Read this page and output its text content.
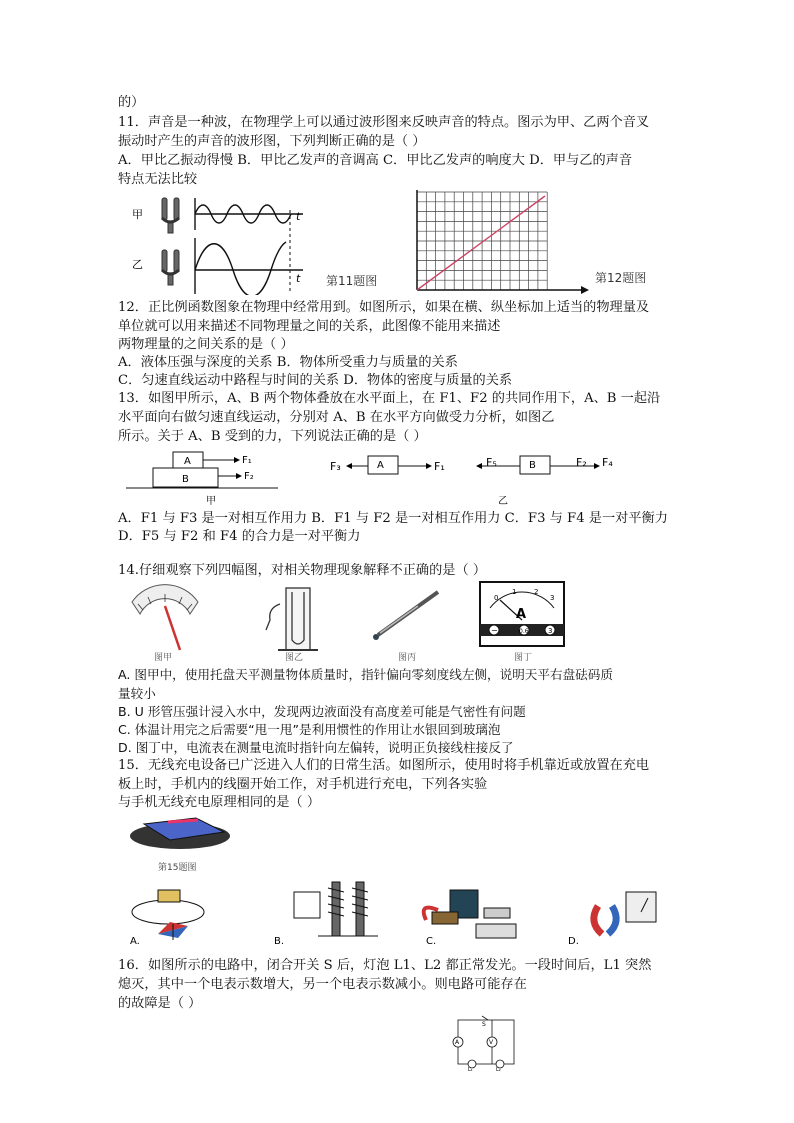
的）
11．声音是一种波，在物理学上可以通过波形图来反映声音的特点。图示为甲、乙两个音叉
振动时产生的声音的波形图，下列判断正确的是（ ）
A．甲比乙振动得慢 B．甲比乙发声的音调高 C．甲比乙发声的响度大 D．甲与乙的声音
特点无法比较
12．正比例函数图象在物理中经常用到。如图所示，如果在横、纵坐标加上适当的物理量及
单位就可以用来描述不同物理量之间的关系，此图像不能用来描述
两物理量的之间关系的是（ ）
A．液体压强与深度的关系 B．物体所受重力与质量的关系
C．匀速直线运动中路程与时间的关系 D．物体的密度与质量的关系
13．如图甲所示，A、B 两个物体叠放在水平面上，在 F1、F2 的共同作用下，A、B 一起沿
水平面向右做匀速直线运动，分别对 A、B 在水平方向做受力分析，如图乙
所示。关于 A、B 受到的力，下列说法正确的是（ ）
A．F1 与 F3 是一对相互作用力 B．F1 与 F2 是一对相互作用力 C．F3 与 F4 是一对平衡力
D．F5 与 F2 和 F4 的合力是一对平衡力
14.仔细观察下列四幅图，对相关物理现象解释不正确的是（ ）
A. 图甲中，使用托盘天平测量物体质量时，指针偏向零刻度线左侧，说明天平右盘砝码质
量较小
B. U 形管压强计浸入水中，发现两边液面没有高度差可能是气密性有问题
C. 体温计用完之后需要“甩一甩”是利用惯性的作用让水银回到玻璃泡
D. 图丁中，电流表在测量电流时指针向左偏转，说明正负接线柱接反了
15．无线充电设备已广泛进入人们的日常生活。如图所示，使用时将手机靠近或放置在充电
板上时，手机内的线圈开始工作，对手机进行充电，下列各实验
与手机无线充电原理相同的是（ ）
16．如图所示的电路中，闭合开关 S 后，灯泡 L1、L2 都正常发光。一段时间后，L1 突然
熄灭，其中一个电表示数增大，另一个电表示数减小。则电路可能存在
的故障是（ ）
甲
乙
t
t 第11题图	第12题图
A
B
F₁
F₂
甲
F₃	A	F₁	F₅	B	F₂ F₄
乙
图甲	图乙	图丙
0
1	2
3
A
−	0.6	3
图丁
第15题图
A.	B.	C.	D.
S
A	V
L₁	L₂
